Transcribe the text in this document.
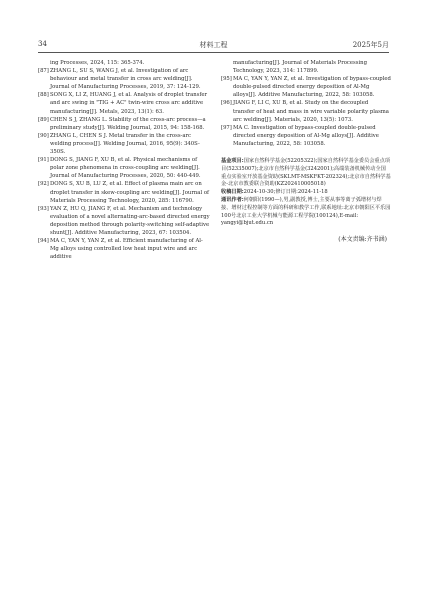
34	材料工程	2025年5月
ing Processes, 2024, 115: 365-374.
[87] ZHANG L, SU S, WANG J, et al. Investigation of arc behaviour and metal transfer in cross arc welding[J]. Journal of Manufacturing Processes, 2019, 37: 124-129.
[88] SONG X, LI Z, HUANG J, et al. Analysis of droplet transfer and arc swing in "TIG + AC" twin-wire cross arc additive manufacturing[J]. Metals, 2023, 13(1): 63.
[89] CHEN S J, ZHANG L. Stability of the cross-arc process—a preliminary study[J]. Welding Journal, 2015, 94: 158-168.
[90] ZHANG L, CHEN S J. Metal transfer in the cross-arc welding process[J]. Welding Journal, 2016, 95(9): 340S-350S.
[91] DONG S, JIANG F, XU B, et al. Physical mechanisms of polar zone phenomena in cross-coupling arc welding[J]. Journal of Manufacturing Processes, 2020, 50: 440-449.
[92] DONG S, XU B, LU Z, et al. Effect of plasma main arc on droplet transfer in skew-coupling arc welding[J]. Journal of Materials Processing Technology, 2020, 285: 116790.
[93] YAN Z, HU Q, JIANG F, et al. Mechanism and technology evaluation of a novel alternating-arc-based directed energy deposition method through polarity-switching self-adaptive shunt[J]. Additive Manufacturing, 2023, 67: 103504.
[94] MA C, YAN Y, YAN Z, et al. Efficient manufacturing of Al-Mg alloys using controlled low heat input wire and arc additive
manufacturing[J]. Journal of Materials Processing Technology, 2023, 314: 117899.
[95] MA C, YAN Y, YAN Z, et al. Investigation of bypass-coupled double-pulsed directed energy deposition of Al-Mg alloys[J]. Additive Manufacturing, 2022, 58: 103058.
[96] JIANG F, LI C, XU B, et al. Study on the decoupled transfer of heat and mass in wire variable polarity plasma arc welding[J]. Materials, 2020, 13(5): 1073.
[97] MA C. Investigation of bypass-coupled double-pulsed directed energy deposition of Al-Mg alloys[J]. Additive Manufacturing, 2022, 58: 103058.

基金项目:国家自然科学基金(52205322);国家自然科学基金委员会重点项目(52335007);北京市自然科学基金(3242001);高端装备机械传动全国重点实验室开放基金资助(SKLMT-MSKFKT-202324);北京市自然科学基金-北京市教委联合资助(KZ202410005018)

收稿日期:2024-10-30;修订日期:2024-11-18

通讯作者:何朝阳(1990—),男,副教授,博士,主要从事等离子弧增材与焊接、增材过程控制等方面的科研和教学工作,联系地址:北京市朝阳区平乐园100号北京工业大学机械与能源工程学院(100124),E-mail: yangyi@bjut.edu.cn

(本文责编:齐书涵)
